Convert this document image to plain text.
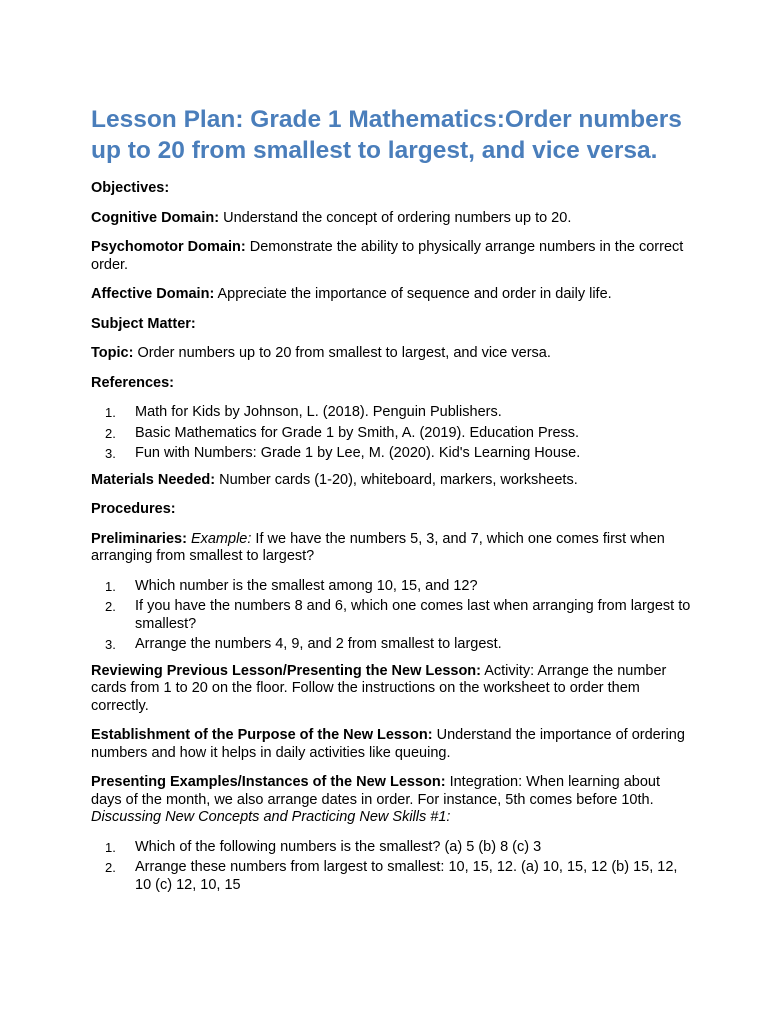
Lesson Plan: Grade 1 Mathematics:Order numbers up to 20 from smallest to largest, and vice versa.

Objectives:

Cognitive Domain: Understand the concept of ordering numbers up to 20.

Psychomotor Domain: Demonstrate the ability to physically arrange numbers in the correct order.

Affective Domain: Appreciate the importance of sequence and order in daily life.

Subject Matter:

Topic: Order numbers up to 20 from smallest to largest, and vice versa.

References:

1. Math for Kids by Johnson, L. (2018). Penguin Publishers.
2. Basic Mathematics for Grade 1 by Smith, A. (2019). Education Press.
3. Fun with Numbers: Grade 1 by Lee, M. (2020). Kid's Learning House.

Materials Needed: Number cards (1-20), whiteboard, markers, worksheets.

Procedures:

Preliminaries: Example: If we have the numbers 5, 3, and 7, which one comes first when arranging from smallest to largest?

1. Which number is the smallest among 10, 15, and 12?
2. If you have the numbers 8 and 6, which one comes last when arranging from largest to smallest?
3. Arrange the numbers 4, 9, and 2 from smallest to largest.

Reviewing Previous Lesson/Presenting the New Lesson: Activity: Arrange the number cards from 1 to 20 on the floor. Follow the instructions on the worksheet to order them correctly.

Establishment of the Purpose of the New Lesson: Understand the importance of ordering numbers and how it helps in daily activities like queuing.

Presenting Examples/Instances of the New Lesson: Integration: When learning about days of the month, we also arrange dates in order. For instance, 5th comes before 10th. Discussing New Concepts and Practicing New Skills #1:

1. Which of the following numbers is the smallest? (a) 5 (b) 8 (c) 3
2. Arrange these numbers from largest to smallest: 10, 15, 12. (a) 10, 15, 12 (b) 15, 12, 10 (c) 12, 10, 15
